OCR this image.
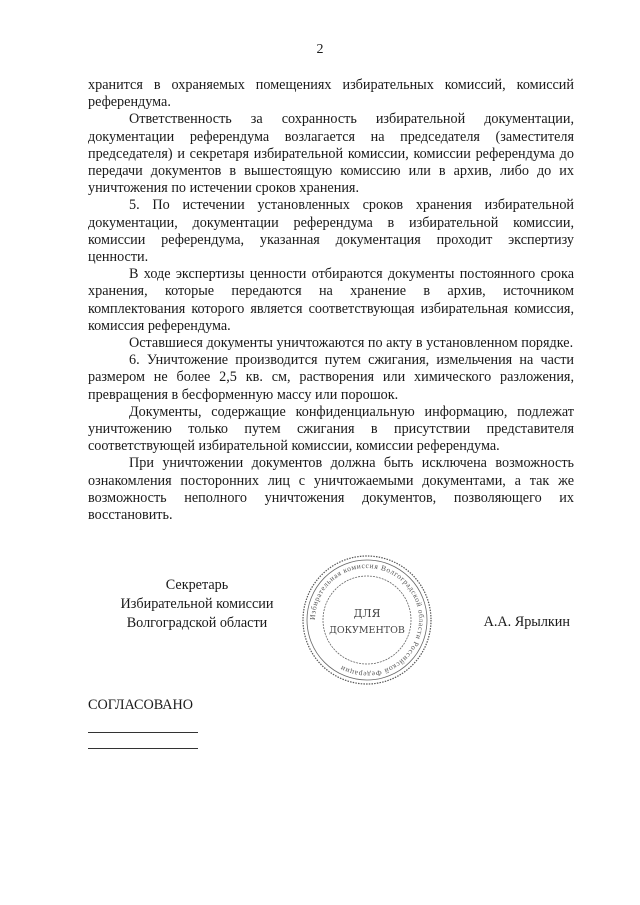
2

хранится в охраняемых помещениях избирательных комиссий, комиссий референдума.

Ответственность за сохранность избирательной документации, документации референдума возлагается на председателя (заместителя председателя) и секретаря избирательной комиссии, комиссии референдума до передачи документов в вышестоящую комиссию или в архив, либо до их уничтожения по истечении сроков хранения.

5. По истечении установленных сроков хранения избирательной документации, документации референдума в избирательной комиссии, комиссии референдума, указанная документация проходит экспертизу ценности.

В ходе экспертизы ценности отбираются документы постоянного срока хранения, которые передаются на хранение в архив, источником комплектования которого является соответствующая избирательная комиссия, комиссия референдума.

Оставшиеся документы уничтожаются по акту в установленном порядке.

6. Уничтожение производится путем сжигания, измельчения на части размером не более 2,5 кв. см, растворения или химического разложения, превращения в бесформенную массу или порошок.

Документы, содержащие конфиденциальную информацию, подлежат уничтожению только путем сжигания в присутствии представителя соответствующей избирательной комиссии, комиссии референдума.

При уничтожении документов должна быть исключена возможность ознакомления посторонних лиц с уничтожаемыми документами, а так же возможность неполного уничтожения документов, позволяющего их восстановить.

Секретарь
Избирательной комиссии
Волгоградской области	Избирательная комиссия Волгоградской области Российской Федерации
ДЛЯ
ДОКУМЕНТОВ
А.А. Ярылкин
СОГЛАСОВАНО
